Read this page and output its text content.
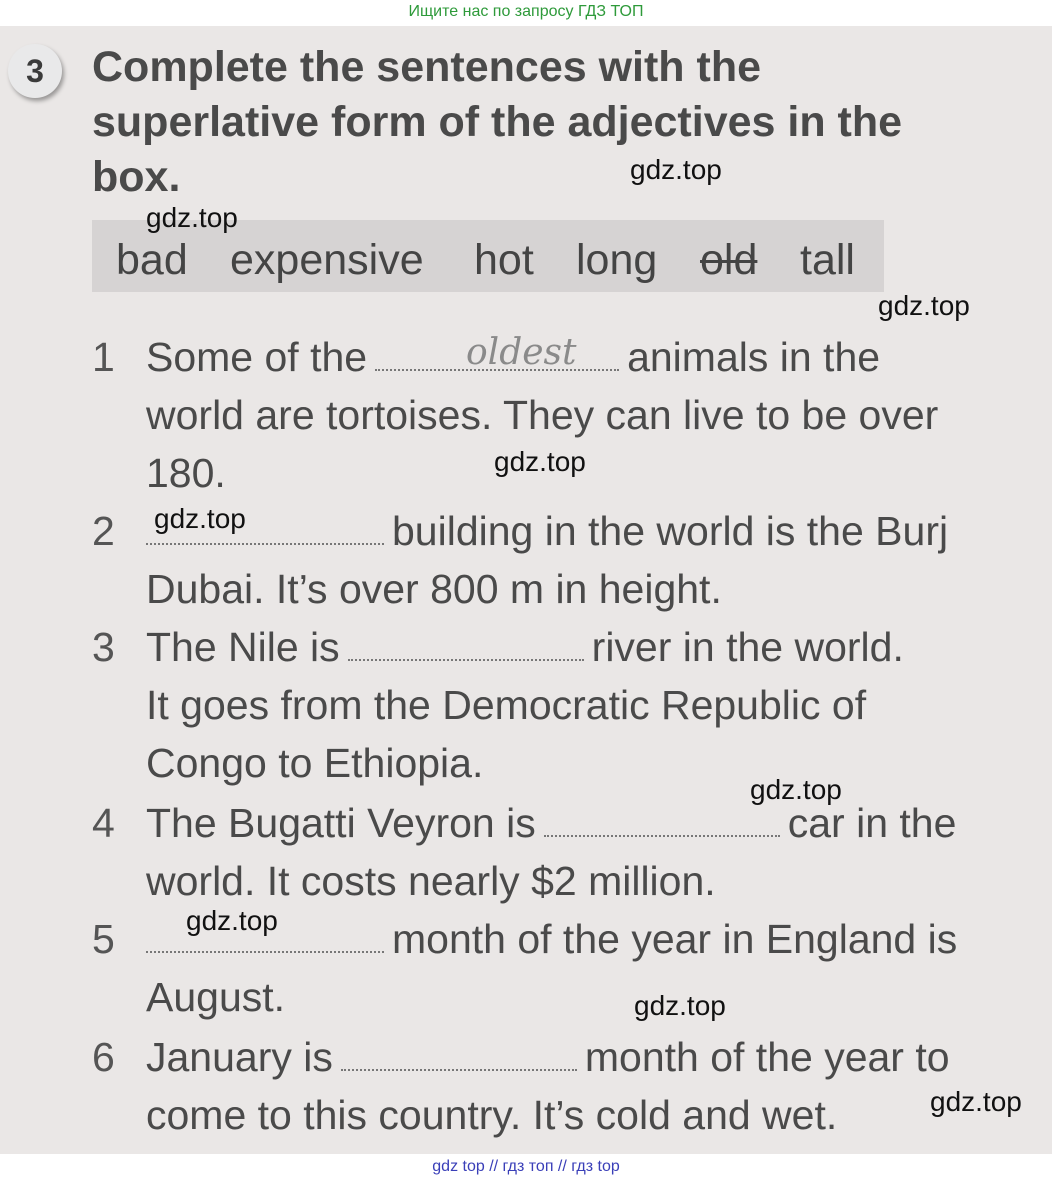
Ищите нас по запросу ГДЗ ТОП

3	Complete the sentences with the superlative form of the adjectives in the box.
bad expensive hot long old tall
1 Some of the	animals in the
oldest
world are tortoises. They can live to be over
180.
2	building in the world is the Burj
Dubai. It’s over 800 m in height.
3 The Nile is	river in the world.
It goes from the Democratic Republic of
Congo to Ethiopia.
4 The Bugatti Veyron is	car in the
world. It costs nearly $2 million.
5	month of the year in England is
August.
6 January is	month of the year to
come to this country. It’s cold and wet.
gdz.top
gdz.top
gdz.top
gdz.top
gdz.top
gdz.top
gdz.top
gdz.top
gdz.top
gdz top // гдз топ // гдз top
